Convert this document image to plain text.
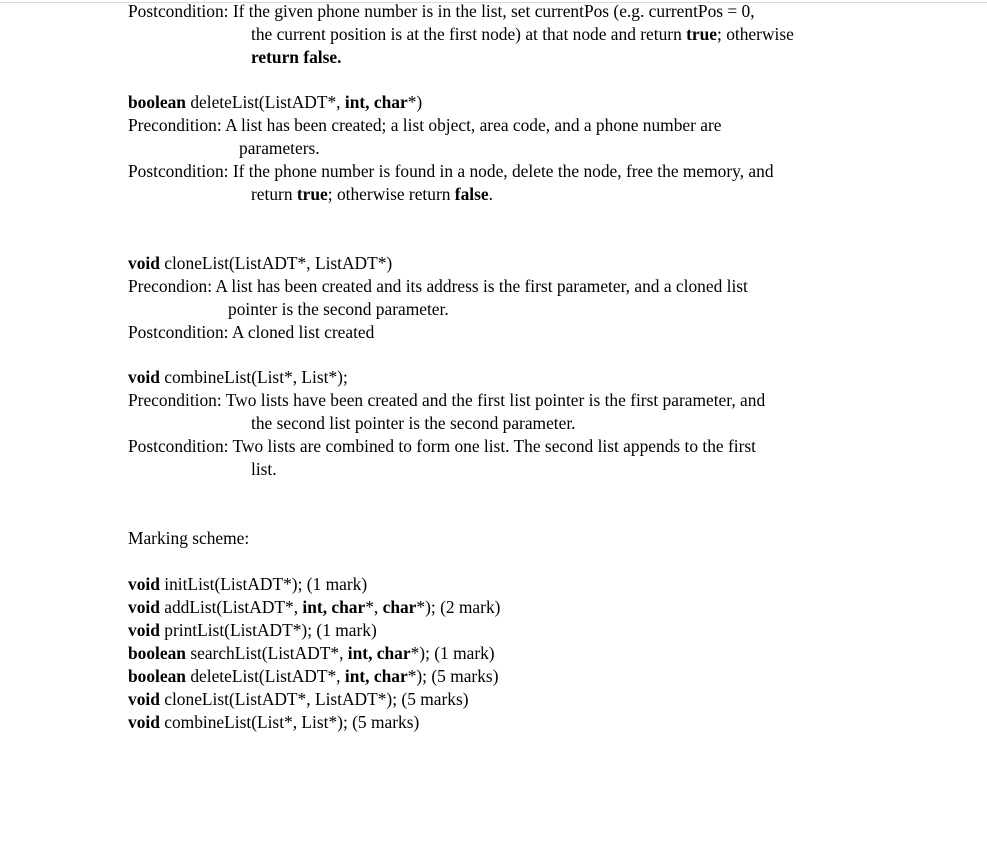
Postcondition: If the given phone number is in the list, set currentPos (e.g. currentPos = 0,
the current position is at the first node) at that node and return true; otherwise
return false.
boolean deleteList(ListADT*, int, char*)
Precondition: A list has been created; a list object, area code, and a phone number are
parameters.
Postcondition: If the phone number is found in a node, delete the node, free the memory, and
return true; otherwise return false.
void cloneList(ListADT*, ListADT*)
Precondion: A list has been created and its address is the first parameter, and a cloned list
pointer is the second parameter.
Postcondition: A cloned list created
void combineList(List*, List*);
Precondition: Two lists have been created and the first list pointer is the first parameter, and
the second list pointer is the second parameter.
Postcondition: Two lists are combined to form one list. The second list appends to the first
list.
Marking scheme:
void initList(ListADT*); (1 mark)
void addList(ListADT*, int, char*, char*); (2 mark)
void printList(ListADT*); (1 mark)
boolean searchList(ListADT*, int, char*); (1 mark)
boolean deleteList(ListADT*, int, char*); (5 marks)
void cloneList(ListADT*, ListADT*); (5 marks)
void combineList(List*, List*); (5 marks)
